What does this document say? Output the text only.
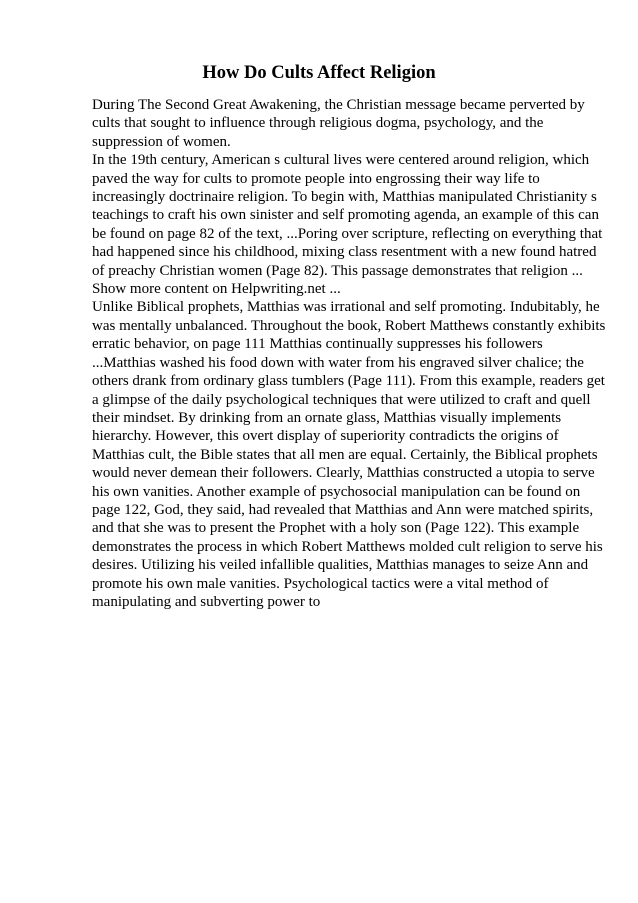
How Do Cults Affect Religion

During The Second Great Awakening, the Christian message became perverted by

cults that sought to influence through religious dogma, psychology, and the

suppression of women.

In the 19th century, American s cultural lives were centered around religion, which

paved the way for cults to promote people into engrossing their way life to

increasingly doctrinaire religion. To begin with, Matthias manipulated Christianity s

teachings to craft his own sinister and self promoting agenda, an example of this can

be found on page 82 of the text, ...Poring over scripture, reflecting on everything that

had happened since his childhood, mixing class resentment with a new found hatred

of preachy Christian women (Page 82). This passage demonstrates that religion ...

Show more content on Helpwriting.net ...

Unlike Biblical prophets, Matthias was irrational and self promoting. Indubitably, he

was mentally unbalanced. Throughout the book, Robert Matthews constantly exhibits

erratic behavior, on page 111 Matthias continually suppresses his followers

...Matthias washed his food down with water from his engraved silver chalice; the

others drank from ordinary glass tumblers (Page 111). From this example, readers get

a glimpse of the daily psychological techniques that were utilized to craft and quell

their mindset. By drinking from an ornate glass, Matthias visually implements

hierarchy. However, this overt display of superiority contradicts the origins of

Matthias cult, the Bible states that all men are equal. Certainly, the Biblical prophets

would never demean their followers. Clearly, Matthias constructed a utopia to serve

his own vanities. Another example of psychosocial manipulation can be found on

page 122, God, they said, had revealed that Matthias and Ann were matched spirits,

and that she was to present the Prophet with a holy son (Page 122). This example

demonstrates the process in which Robert Matthews molded cult religion to serve his

desires. Utilizing his veiled infallible qualities, Matthias manages to seize Ann and

promote his own male vanities. Psychological tactics were a vital method of

manipulating and subverting power to
